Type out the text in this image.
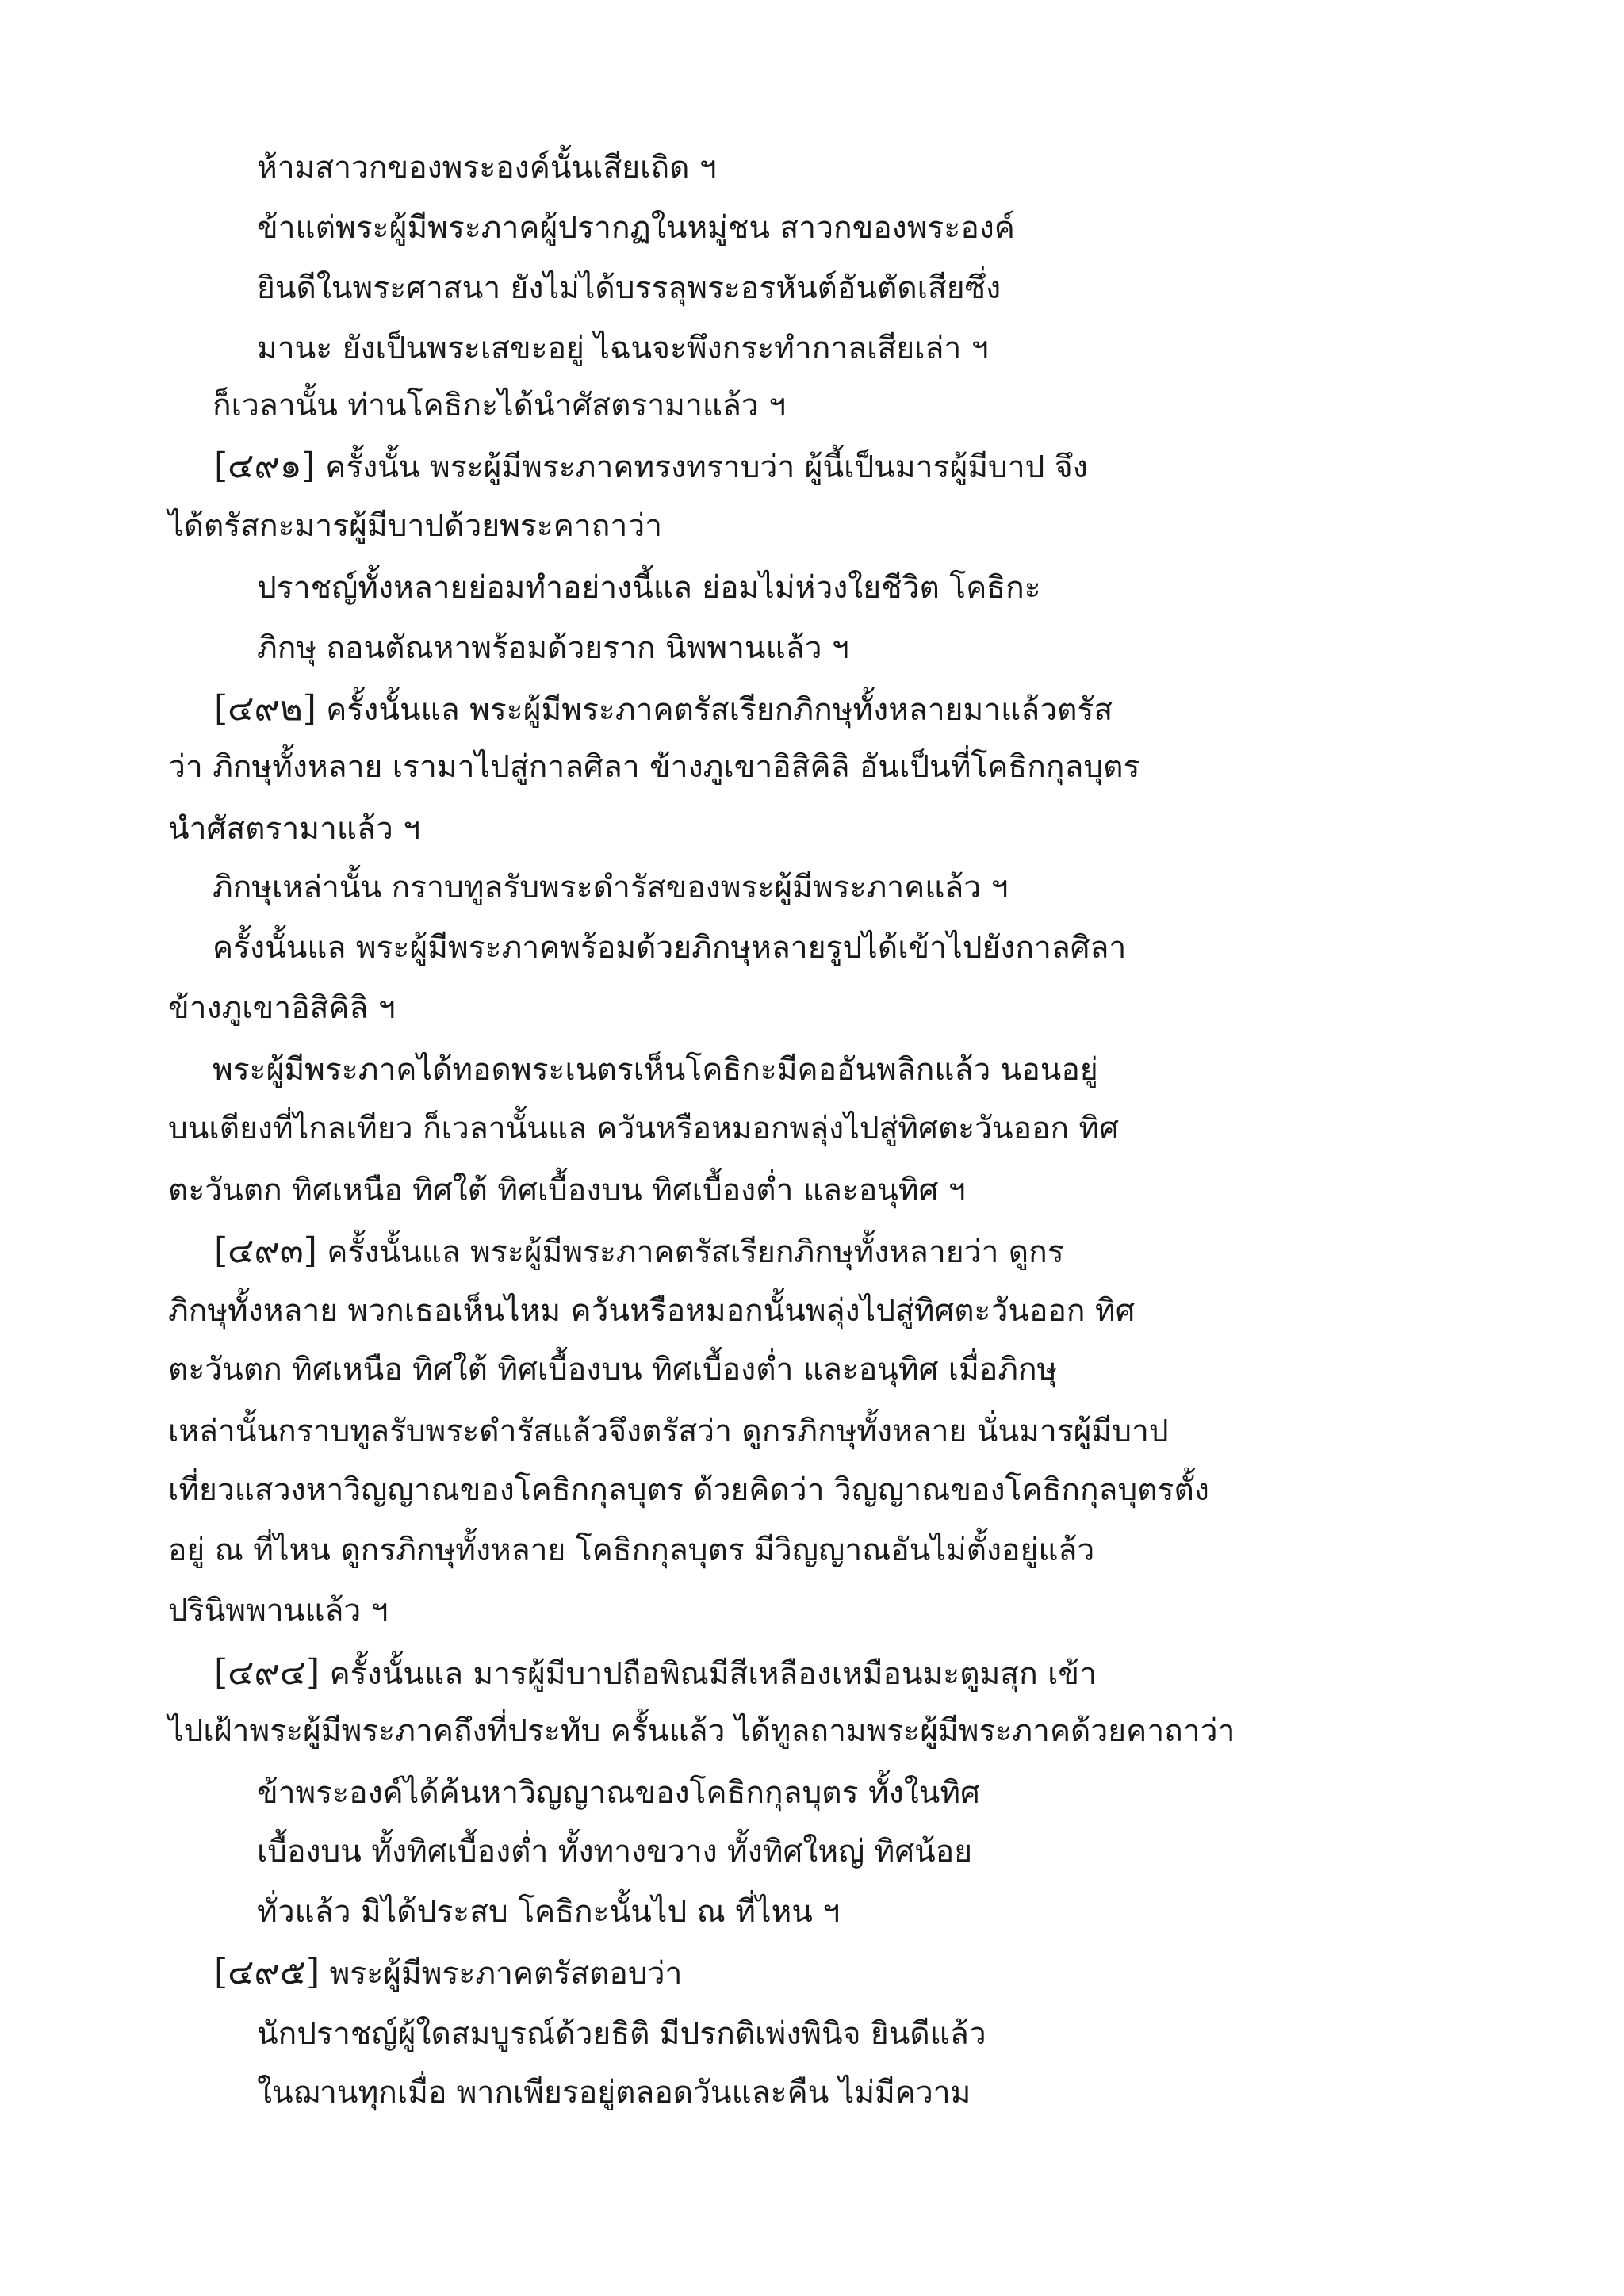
ห้ามสาวกของพระองค์นั้นเสียเถิด ฯ
ข้าแต่พระผู้มีพระภาคผู้ปรากฏในหมู่ชน สาวกของพระองค์
ยินดีในพระศาสนา ยังไม่ได้บรรลุพระอรหันต์อันตัดเสียซึ่ง
มานะ ยังเป็นพระเสขะอยู่ ไฉนจะพึงกระทำกาลเสียเล่า ฯ
ก็เวลานั้น ท่านโคธิกะได้นำศัสตรามาแล้ว ฯ
[๔๙๑] ครั้งนั้น พระผู้มีพระภาคทรงทราบว่า ผู้นี้เป็นมารผู้มีบาป จึง
ได้ตรัสกะมารผู้มีบาปด้วยพระคาถาว่า
ปราชญ์ทั้งหลายย่อมทำอย่างนี้แล ย่อมไม่ห่วงใยชีวิต โคธิกะ
ภิกษุ ถอนตัณหาพร้อมด้วยราก นิพพานแล้ว ฯ
[๔๙๒] ครั้งนั้นแล พระผู้มีพระภาคตรัสเรียกภิกษุทั้งหลายมาแล้วตรัส
ว่า ภิกษุทั้งหลาย เรามาไปสู่กาลศิลา ข้างภูเขาอิสิคิลิ อันเป็นที่โคธิกกุลบุตร
นำศัสตรามาแล้ว ฯ
ภิกษุเหล่านั้น กราบทูลรับพระดำรัสของพระผู้มีพระภาคแล้ว ฯ
ครั้งนั้นแล พระผู้มีพระภาคพร้อมด้วยภิกษุหลายรูปได้เข้าไปยังกาลศิลา
ข้างภูเขาอิสิคิลิ ฯ
พระผู้มีพระภาคได้ทอดพระเนตรเห็นโคธิกะมีคออันพลิกแล้ว นอนอยู่
บนเตียงที่ไกลเทียว ก็เวลานั้นแล ควันหรือหมอกพลุ่งไปสู่ทิศตะวันออก ทิศ
ตะวันตก ทิศเหนือ ทิศใต้ ทิศเบื้องบน ทิศเบื้องต่ำ และอนุทิศ ฯ
[๔๙๓] ครั้งนั้นแล พระผู้มีพระภาคตรัสเรียกภิกษุทั้งหลายว่า ดูกร
ภิกษุทั้งหลาย พวกเธอเห็นไหม ควันหรือหมอกนั้นพลุ่งไปสู่ทิศตะวันออก ทิศ
ตะวันตก ทิศเหนือ ทิศใต้ ทิศเบื้องบน ทิศเบื้องต่ำ และอนุทิศ เมื่อภิกษุ
เหล่านั้นกราบทูลรับพระดำรัสแล้วจึงตรัสว่า ดูกรภิกษุทั้งหลาย นั่นมารผู้มีบาป
เที่ยวแสวงหาวิญญาณของโคธิกกุลบุตร ด้วยคิดว่า วิญญาณของโคธิกกุลบุตรตั้ง
อยู่ ณ ที่ไหน ดูกรภิกษุทั้งหลาย โคธิกกุลบุตร มีวิญญาณอันไม่ตั้งอยู่แล้ว
ปรินิพพานแล้ว ฯ
[๔๙๔] ครั้งนั้นแล มารผู้มีบาปถือพิณมีสีเหลืองเหมือนมะตูมสุก เข้า
ไปเฝ้าพระผู้มีพระภาคถึงที่ประทับ ครั้นแล้ว ได้ทูลถามพระผู้มีพระภาคด้วยคาถาว่า
ข้าพระองค์ได้ค้นหาวิญญาณของโคธิกกุลบุตร ทั้งในทิศ
เบื้องบน ทั้งทิศเบื้องต่ำ ทั้งทางขวาง ทั้งทิศใหญ่ ทิศน้อย
ทั่วแล้ว มิได้ประสบ โคธิกะนั้นไป ณ ที่ไหน ฯ
[๔๙๕] พระผู้มีพระภาคตรัสตอบว่า
นักปราชญ์ผู้ใดสมบูรณ์ด้วยธิติ มีปรกติเพ่งพินิจ ยินดีแล้ว
ในฌานทุกเมื่อ พากเพียรอยู่ตลอดวันและคืน ไม่มีความ
